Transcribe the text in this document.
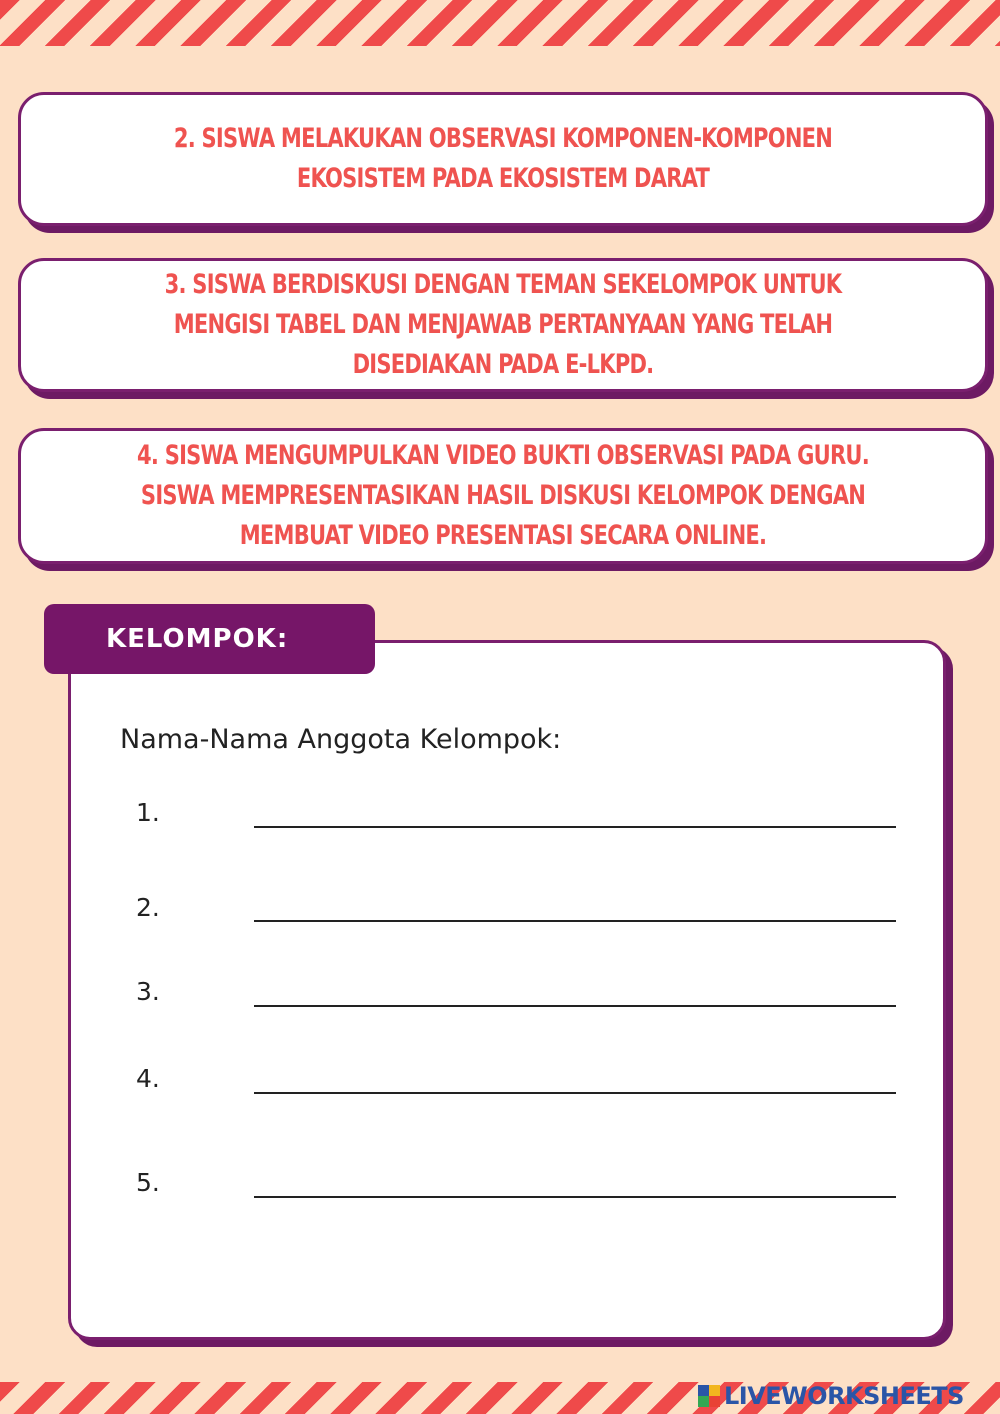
2. SISWA MELAKUKAN OBSERVASI KOMPONEN-KOMPONEN EKOSISTEM PADA EKOSISTEM DARAT
3. SISWA BERDISKUSI DENGAN TEMAN SEKELOMPOK UNTUK MENGISI TABEL DAN MENJAWAB PERTANYAAN YANG TELAH DISEDIAKAN PADA E-LKPD.
4. SISWA MENGUMPULKAN VIDEO BUKTI OBSERVASI PADA GURU. SISWA MEMPRESENTASIKAN HASIL DISKUSI KELOMPOK DENGAN MEMBUAT VIDEO PRESENTASI SECARA ONLINE.
KELOMPOK:
Nama-Nama Anggota Kelompok:
1.
2.
3.
4.
5.
LIVEWORKSHEETS
